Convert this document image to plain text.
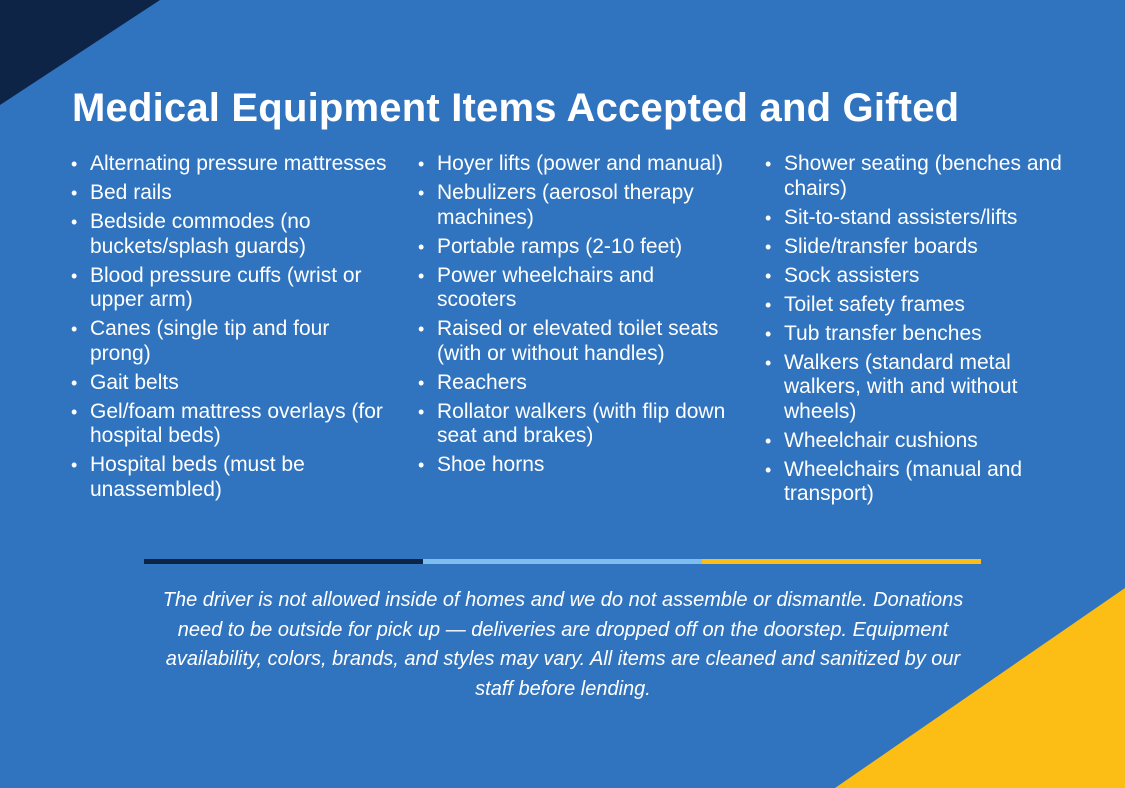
Medical Equipment Items Accepted and Gifted
• Alternating pressure mattresses
• Bed rails
• Bedside commodes (no buckets/splash guards)
• Blood pressure cuffs (wrist or upper arm)
• Canes (single tip and four prong)
• Gait belts
• Gel/foam mattress overlays (for hospital beds)
• Hospital beds (must be unassembled)
• Hoyer lifts (power and manual)
• Nebulizers (aerosol therapy machines)
• Portable ramps (2-10 feet)
• Power wheelchairs and scooters
• Raised or elevated toilet seats (with or without handles)
• Reachers
• Rollator walkers (with flip down seat and brakes)
• Shoe horns
• Shower seating (benches and chairs)
• Sit-to-stand assisters/lifts
• Slide/transfer boards
• Sock assisters
• Toilet safety frames
• Tub transfer benches
• Walkers (standard metal walkers, with and without wheels)
• Wheelchair cushions
• Wheelchairs (manual and transport)

The driver is not allowed inside of homes and we do not assemble or dismantle. Donations need to be outside for pick up — deliveries are dropped off on the doorstep. Equipment availability, colors, brands, and styles may vary. All items are cleaned and sanitized by our staff before lending.
